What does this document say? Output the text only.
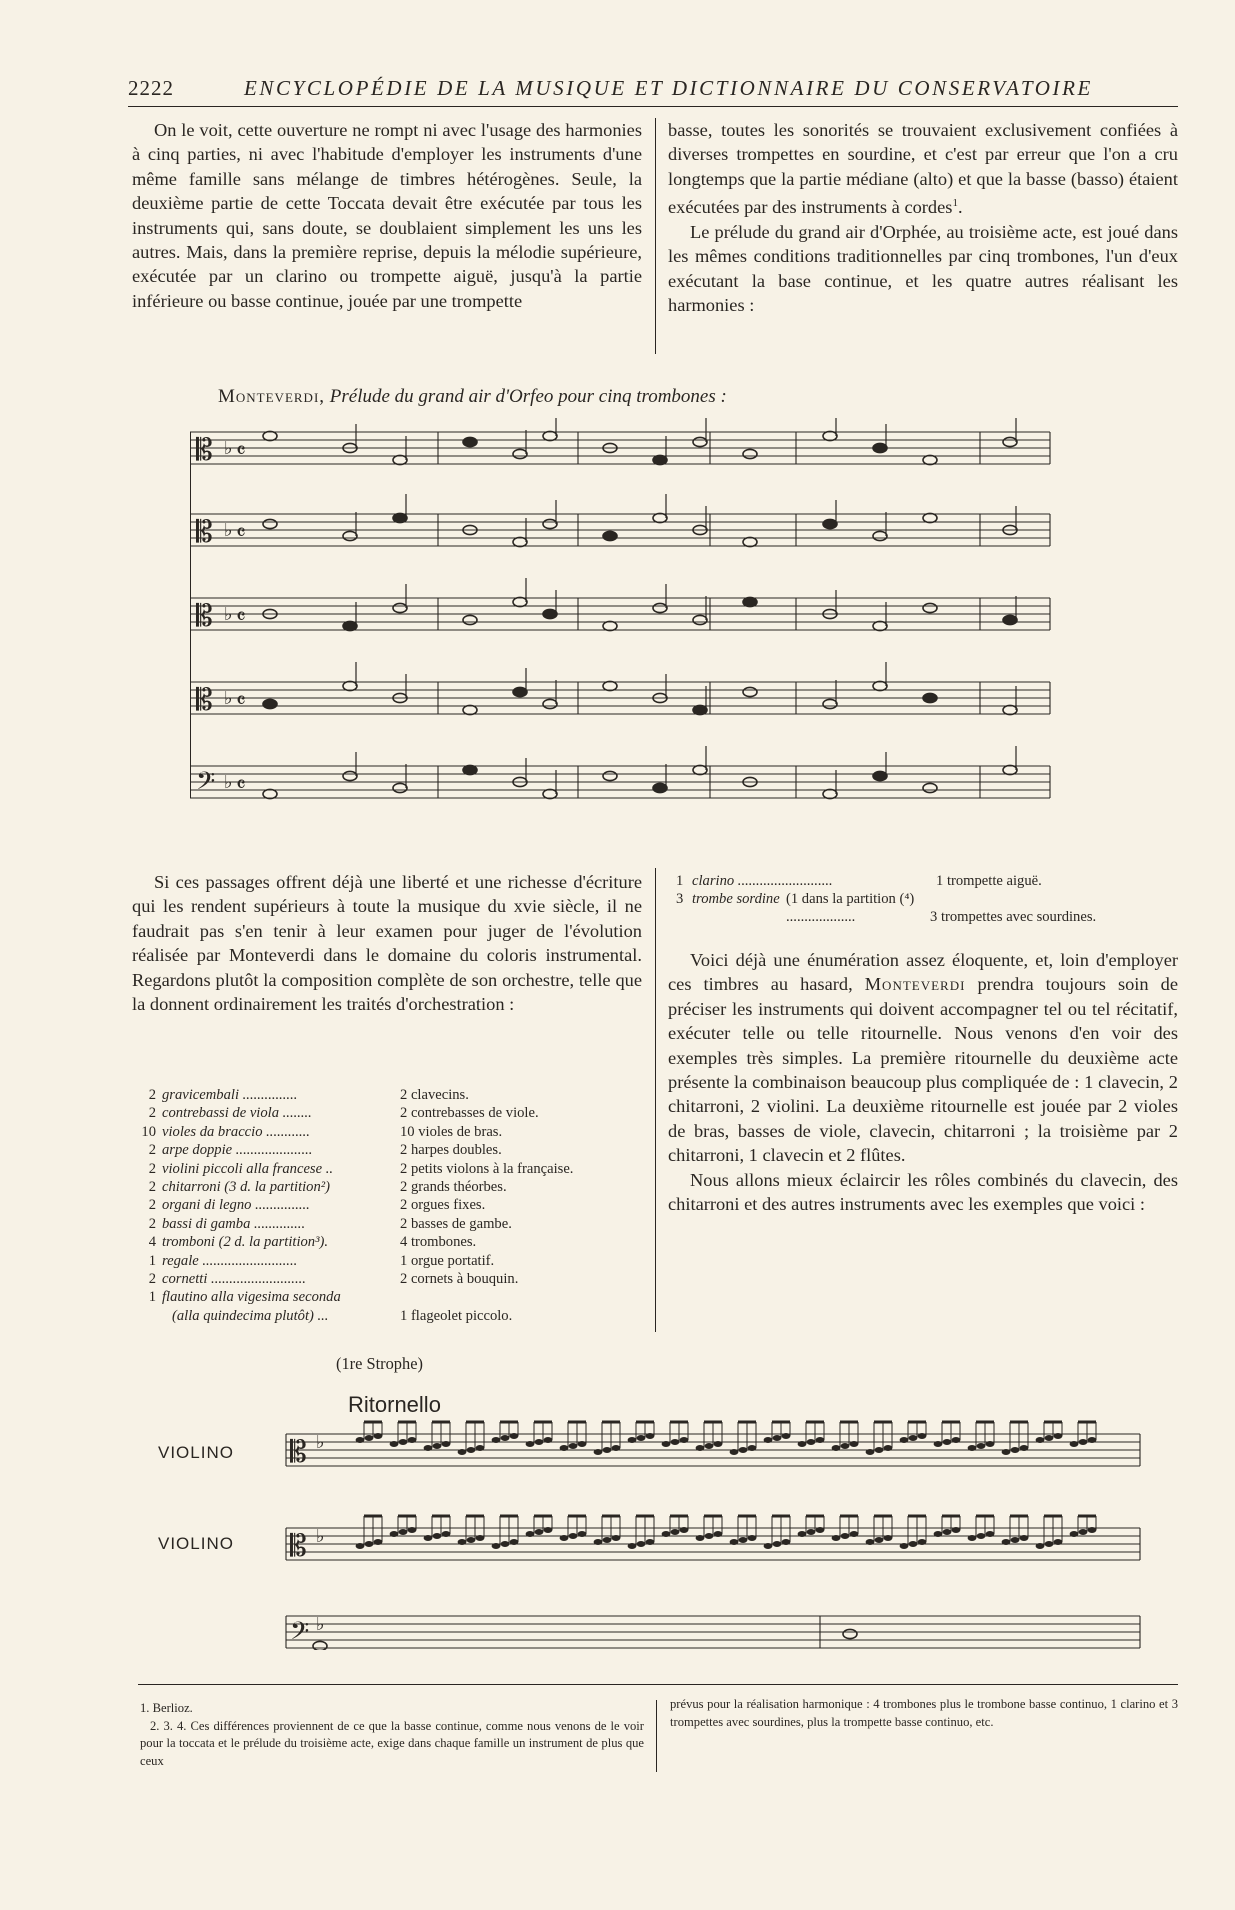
2222	ENCYCLOPÉDIE DE LA MUSIQUE ET DICTIONNAIRE DU CONSERVATOIRE

On le voit, cette ouverture ne rompt ni avec l'usage des harmonies à cinq parties, ni avec l'habitude d'employer les instruments d'une même famille sans mélange de timbres hétérogènes. Seule, la deuxième partie de cette Toccata devait être exécutée par tous les instruments qui, sans doute, se doublaient simplement les uns les autres. Mais, dans la première reprise, depuis la mélodie supérieure, exécutée par un clarino ou trompette aiguë, jusqu'à la partie inférieure ou basse continue, jouée par une trompette

basse, toutes les sonorités se trouvaient exclusivement confiées à diverses trompettes en sourdine, et c'est par erreur que l'on a cru longtemps que la partie médiane (alto) et que la basse (basso) étaient exécutées par des instruments à cordes$^1$.

Le prélude du grand air d'Orphée, au troisième acte, est joué dans les mêmes conditions traditionnelles par cinq trombones, l'un d'eux exécutant la base continue, et les quatre autres réalisant les harmonies :

Monteverdi, Prélude du grand air d'Orfeo pour cinq trombones :
𝄡 ♭ 𝄴
𝄡 ♭ 𝄴
𝄡 ♭ 𝄴
𝄡 ♭ 𝄴
𝄢 ♭ 𝄴

Si ces passages offrent déjà une liberté et une richesse d'écriture qui les rendent supérieurs à toute la musique du xvie siècle, il ne faudrait pas s'en tenir à leur examen pour juger de l'évolution réalisée par Monteverdi dans le domaine du coloris instrumental. Regardons plutôt la composition complète de son orchestre, telle que la donnent ordinairement les traités d'orchestration :

2 gravicembali ...............	2 clavecins.
2 contrebassi de viola ........	2 contrebasses de viole.
10 violes da braccio ............	10 violes de bras.
2 arpe doppie .....................	2 harpes doubles.
2 violini piccoli alla francese ..	2 petits violons à la française.
2 chitarroni (3 d. la partition²)	2 grands théorbes.
2 organi di legno ...............	2 orgues fixes.
2 bassi di gamba ..............	2 basses de gambe.
4 tromboni (2 d. la partition³).	4 trombones.
1 regale ..........................	1 orgue portatif.
2 cornetti ..........................	2 cornets à bouquin.
1 flautino alla vigesima seconda
(alla quindecima plutôt) ...	1 flageolet piccolo.
1 clarino ..........................	1 trompette aiguë.
3 trombe sordine (1 dans la partition (⁴) ...................	3 trompettes avec sourdines.

Voici déjà une énumération assez éloquente, et, loin d'employer ces timbres au hasard, Monteverdi prendra toujours soin de préciser les instruments qui doivent accompagner tel ou tel récitatif, exécuter telle ou telle ritournelle. Nous venons d'en voir des exemples très simples. La première ritournelle du deuxième acte présente la combinaison beaucoup plus compliquée de : 1 clavecin, 2 chitarroni, 2 violini. La deuxième ritournelle est jouée par 2 violes de bras, basses de viole, clavecin, chitarroni ; la troisième par 2 chitarroni, 1 clavecin et 2 flûtes.

Nous allons mieux éclaircir les rôles combinés du clavecin, des chitarroni et des autres instruments avec les exemples que voici :

(1re Strophe)
Ritornello
VIOLINO
VIOLINO
𝄡 ♭
𝄡 ♭
𝄢 ♭

1. Berlioz.

2. 3. 4. Ces différences proviennent de ce que la basse continue, comme nous venons de le voir pour la toccata et le prélude du troisième acte, exige dans chaque famille un instrument de plus que ceux

prévus pour la réalisation harmonique : 4 trombones plus le trombone basse continuo, 1 clarino et 3 trompettes avec sourdines, plus la trompette basse continuo, etc.
